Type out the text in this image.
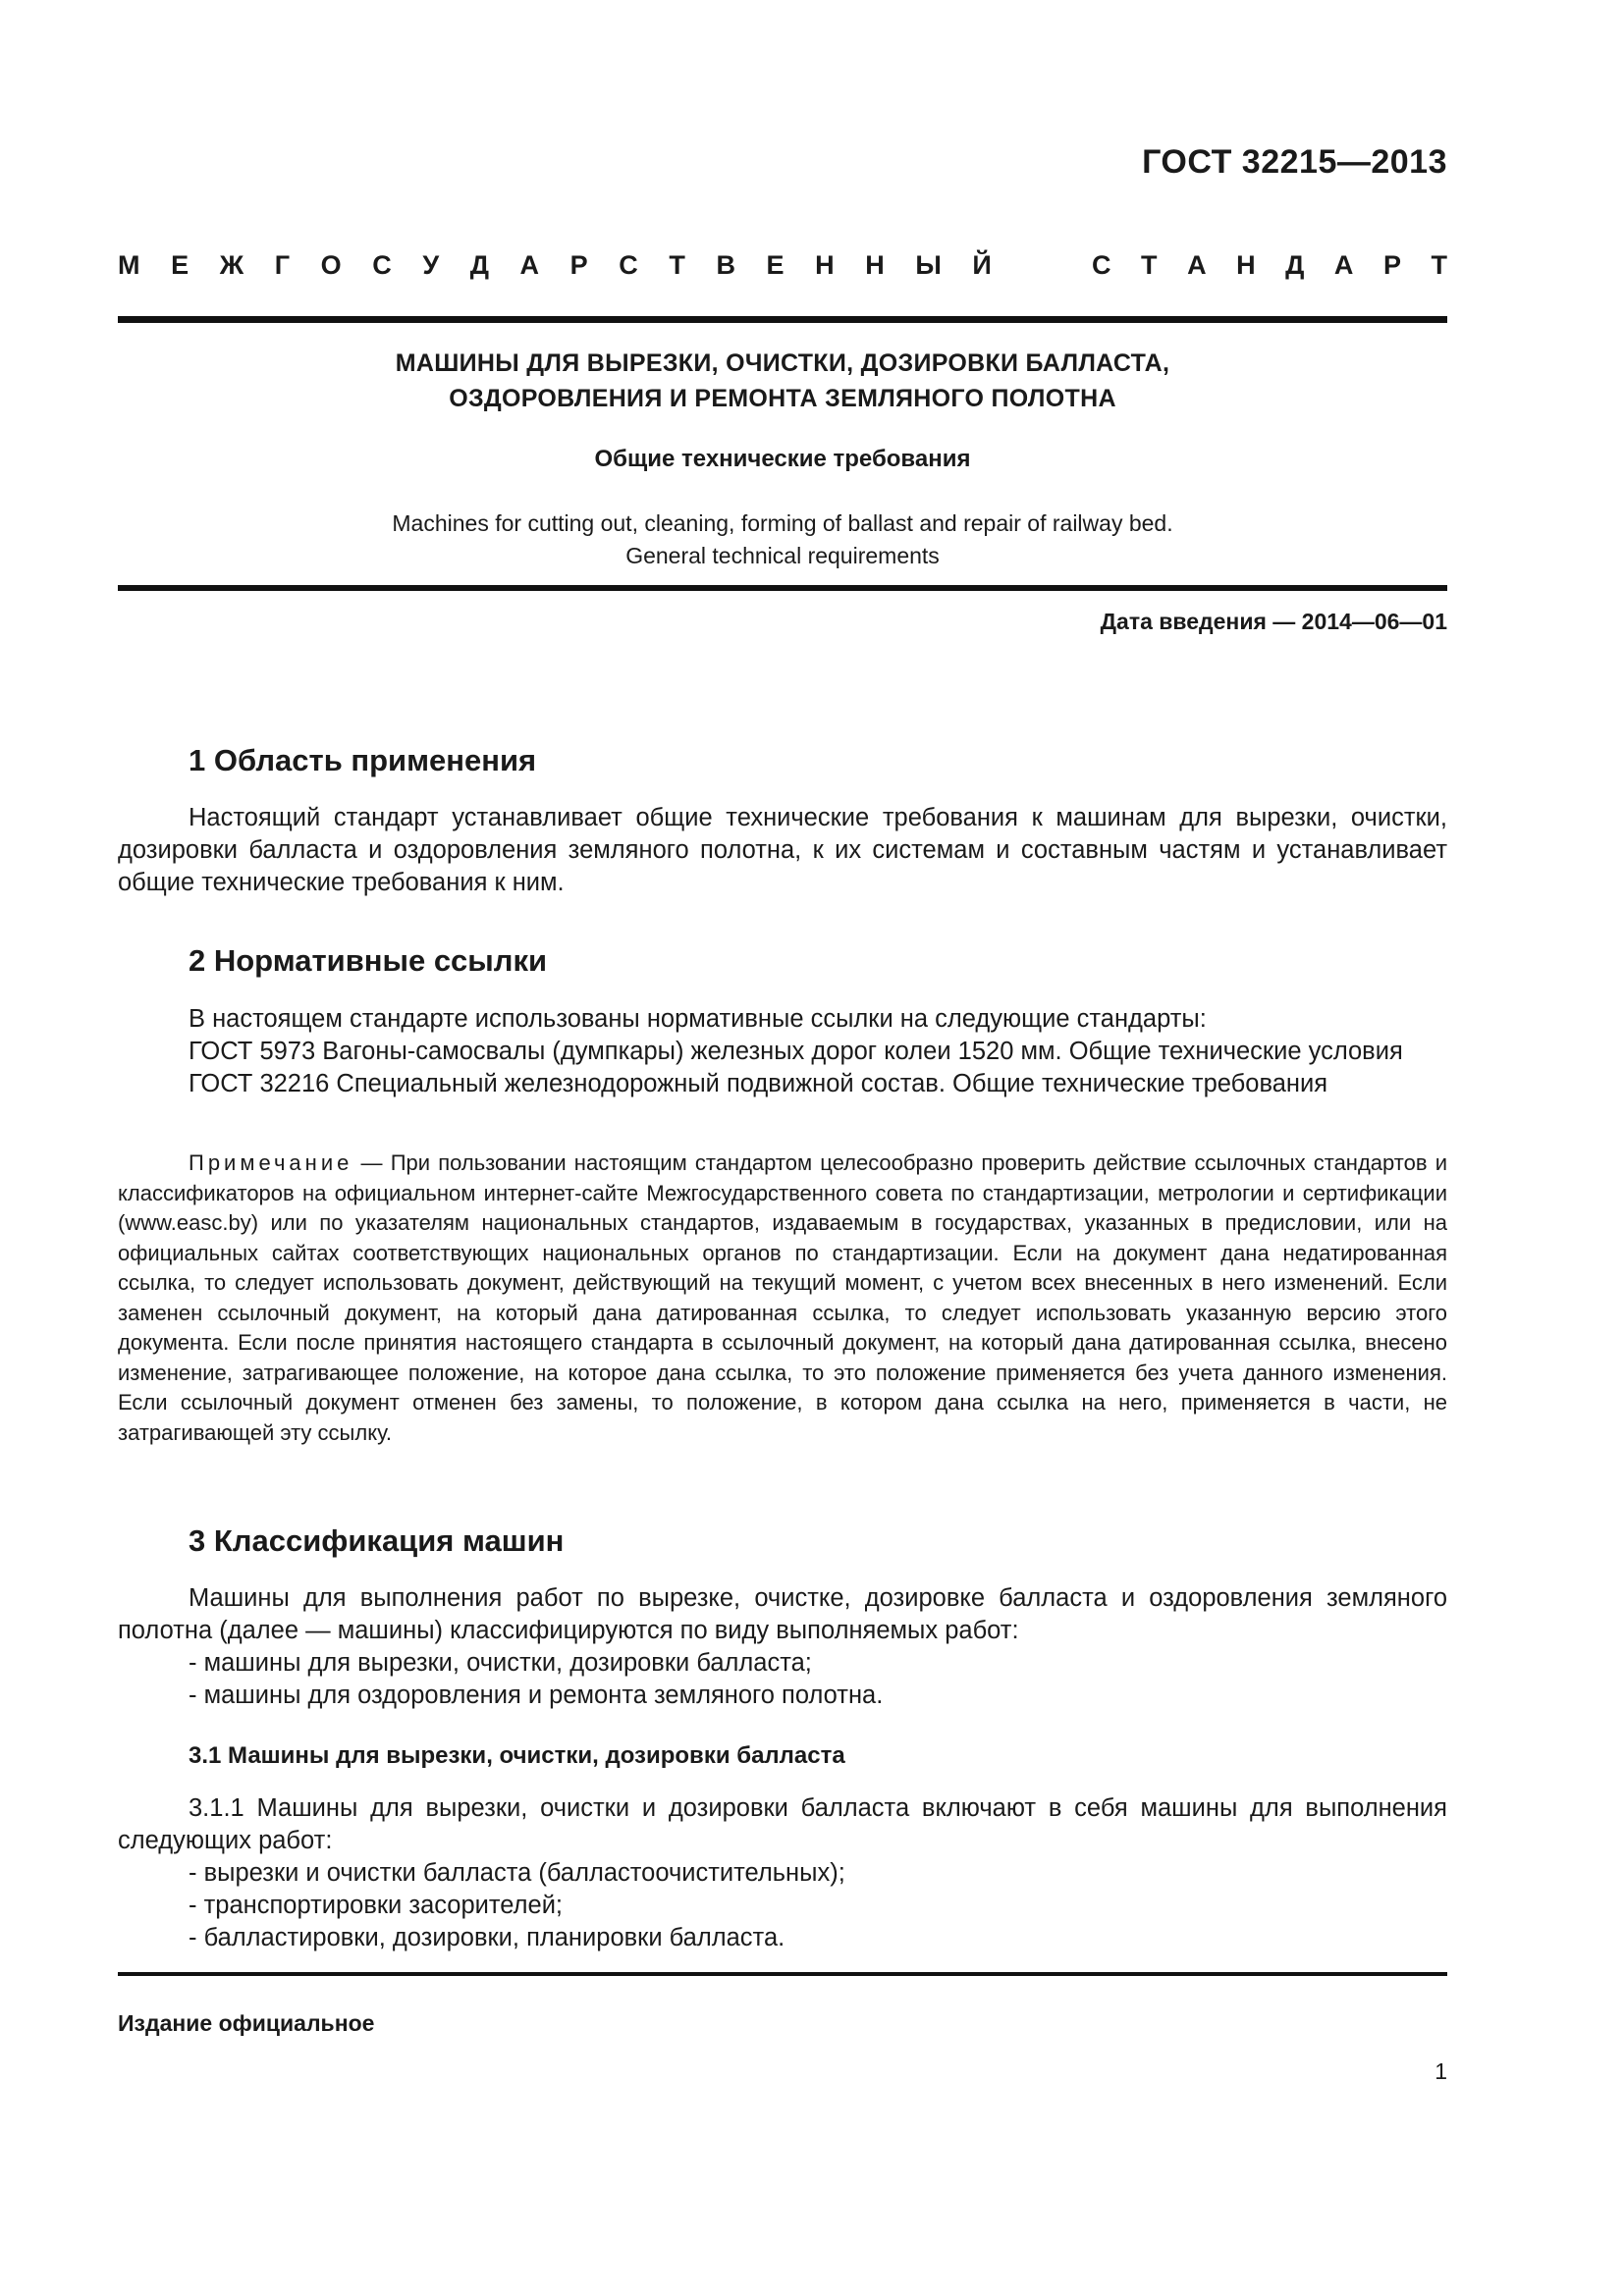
ГОСТ 32215—2013
М Е Ж Г О С У Д А Р С Т В Е Н Н Ы Й	С Т А Н Д А Р Т
МАШИНЫ ДЛЯ ВЫРЕЗКИ, ОЧИСТКИ, ДОЗИРОВКИ БАЛЛАСТА,
ОЗДОРОВЛЕНИЯ И РЕМОНТА ЗЕМЛЯНОГО ПОЛОТНА
Общие технические требования
Machines for cutting out, cleaning, forming of ballast and repair of railway bed.
General technical requirements
Дата введения — 2014—06—01
1 Область применения

Настоящий стандарт устанавливает общие технические требования к машинам для вырезки, очистки, дозировки балласта и оздоровления земляного полотна, к их системам и составным частям и устанавливает общие технические требования к ним.

2 Нормативные ссылки

В настоящем стандарте использованы нормативные ссылки на следующие стандарты:

ГОСТ 5973 Вагоны-самосвалы (думпкары) железных дорог колеи 1520 мм. Общие технические условия

ГОСТ 32216 Специальный железнодорожный подвижной состав. Общие технические требования

Примечание — При пользовании настоящим стандартом целесообразно проверить действие ссылочных стандартов и классификаторов на официальном интернет-сайте Межгосударственного совета по стандартизации, метрологии и сертификации (www.easc.by) или по указателям национальных стандартов, издаваемым в государствах, указанных в предисловии, или на официальных сайтах соответствующих национальных органов по стандартизации. Если на документ дана недатированная ссылка, то следует использовать документ, действующий на текущий момент, с учетом всех внесенных в него изменений. Если заменен ссылочный документ, на который дана датированная ссылка, то следует использовать указанную версию этого документа. Если после принятия настоящего стандарта в ссылочный документ, на который дана датированная ссылка, внесено изменение, затрагивающее положение, на которое дана ссылка, то это положение применяется без учета данного изменения. Если ссылочный документ отменен без замены, то положение, в котором дана ссылка на него, применяется в части, не затрагивающей эту ссылку.

3 Классификация машин

Машины для выполнения работ по вырезке, очистке, дозировке балласта и оздоровления земляного полотна (далее — машины) классифицируются по виду выполняемых работ:

- машины для вырезки, очистки, дозировки балласта;
- машины для оздоровления и ремонта земляного полотна.
3.1 Машины для вырезки, очистки, дозировки балласта

3.1.1 Машины для вырезки, очистки и дозировки балласта включают в себя машины для выполнения следующих работ:

- вырезки и очистки балласта (балластоочистительных);
- транспортировки засорителей;
- балластировки, дозировки, планировки балласта.
Издание официальное
1
